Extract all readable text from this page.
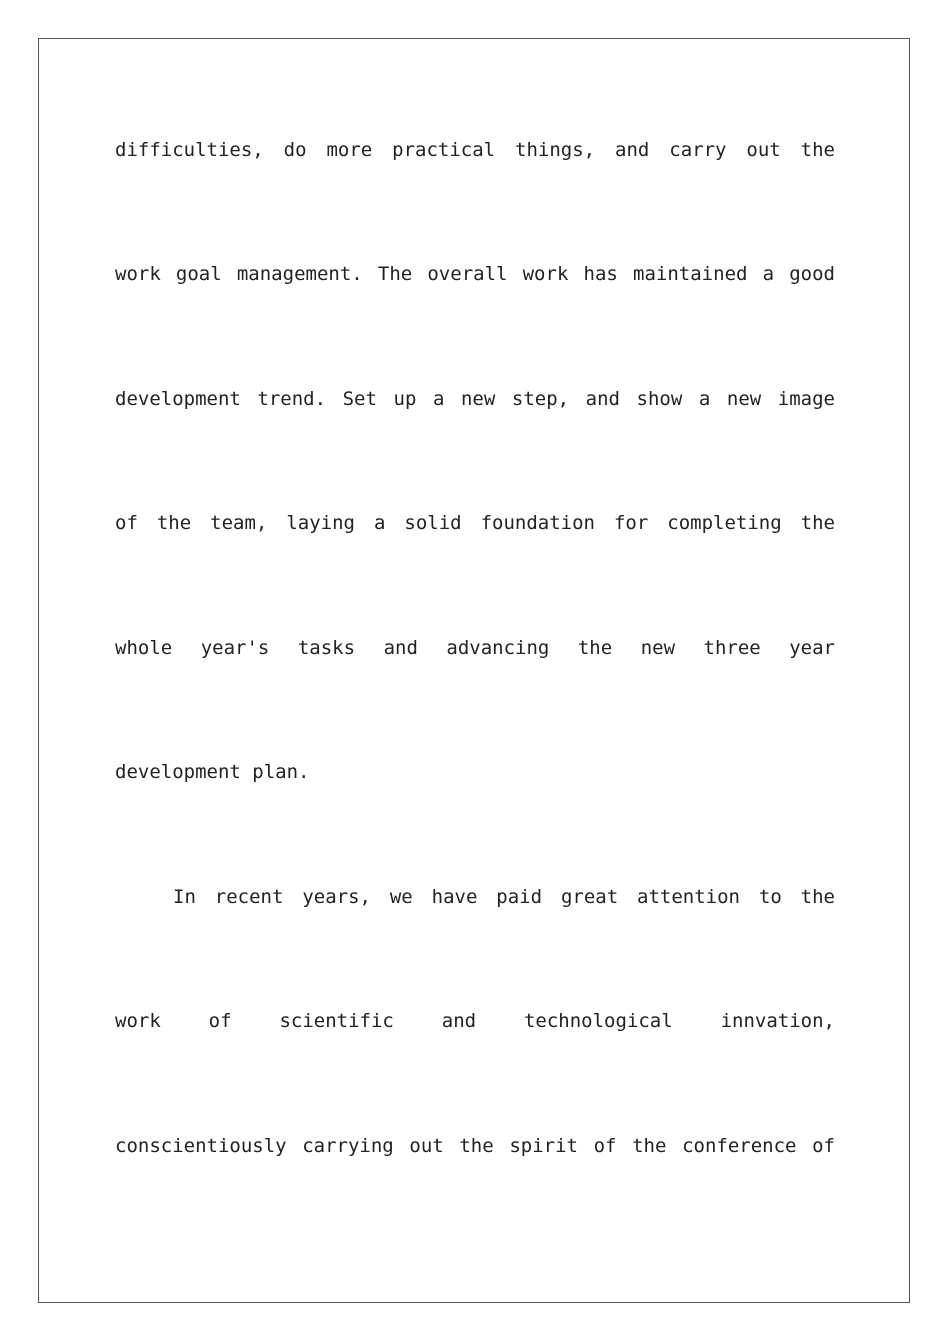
difficulties, do more practical things, and carry out the
work goal management. The overall work has maintained a good
development trend. Set up a new step, and show a new image
of the team, laying a solid foundation for completing the
whole year's tasks and advancing the new three year
development plan.
In recent years, we have paid great attention to the
work of scientific and technological innvation,
conscientiously carrying out the spirit of the conference of
